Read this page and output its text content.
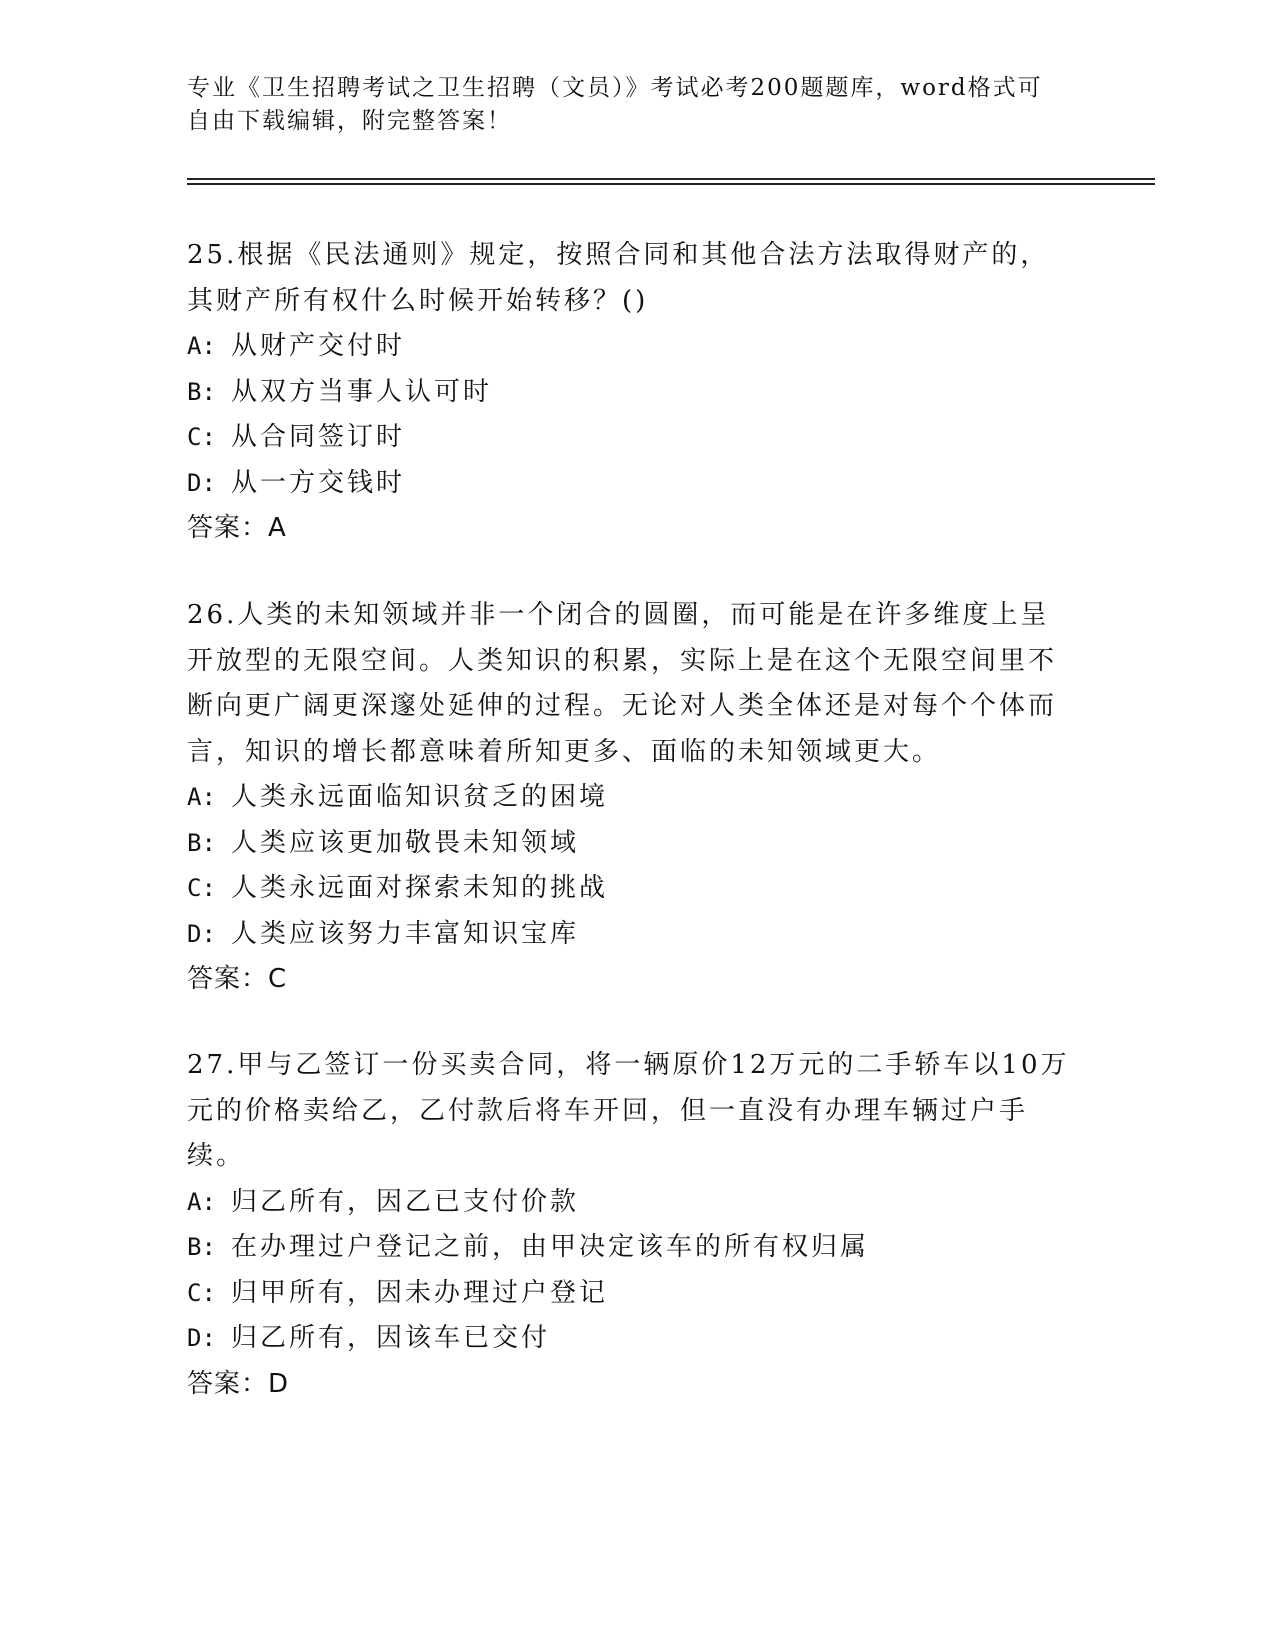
专业《卫生招聘考试之卫生招聘（文员）》考试必考200题题库，word格式可自由下载编辑，附完整答案！

25.根据《民法通则》规定，按照合同和其他合法方法取得财产的，其财产所有权什么时候开始转移？()

A: 从财产交付时

B: 从双方当事人认可时

C: 从合同签订时

D: 从一方交钱时

答案：A

26.人类的未知领域并非一个闭合的圆圈，而可能是在许多维度上呈开放型的无限空间。人类知识的积累，实际上是在这个无限空间里不断向更广阔更深邃处延伸的过程。无论对人类全体还是对每个个体而言，知识的增长都意味着所知更多、面临的未知领域更大。

A: 人类永远面临知识贫乏的困境

B: 人类应该更加敬畏未知领域

C: 人类永远面对探索未知的挑战

D: 人类应该努力丰富知识宝库

答案：C

27.甲与乙签订一份买卖合同，将一辆原价12万元的二手轿车以10万元的价格卖给乙，乙付款后将车开回，但一直没有办理车辆过户手续。

A: 归乙所有，因乙已支付价款

B: 在办理过户登记之前，由甲决定该车的所有权归属

C: 归甲所有，因未办理过户登记

D: 归乙所有，因该车已交付

答案：D
